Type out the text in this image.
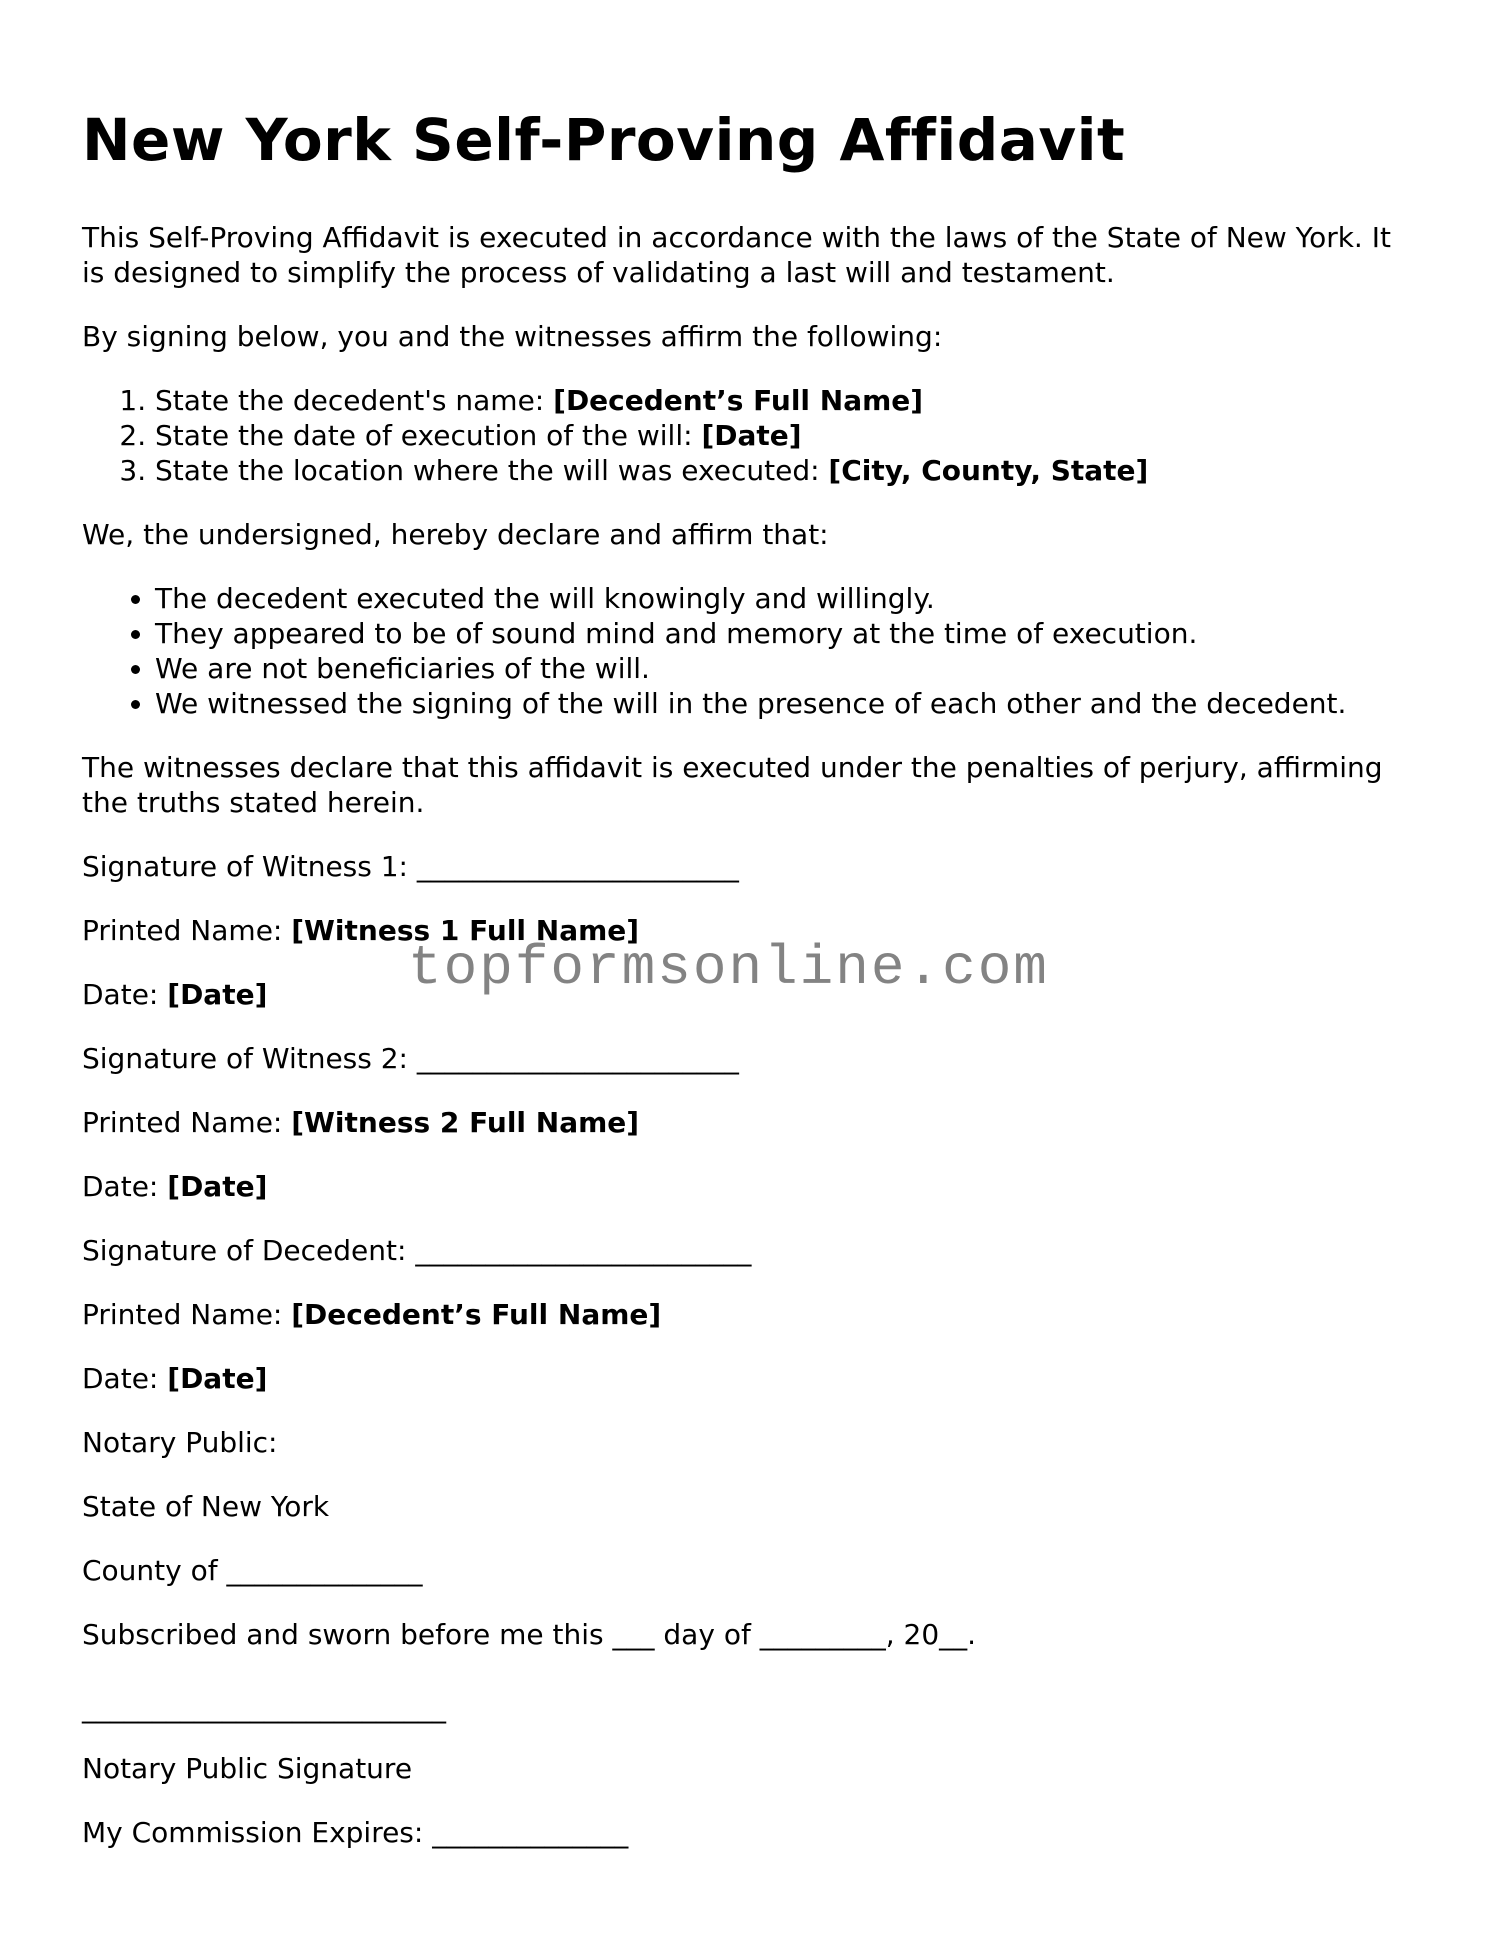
New York Self-Proving Affidavit

This Self-Proving Affidavit is executed in accordance with the laws of the State of New York. It is designed to simplify the process of validating a last will and testament.

By signing below, you and the witnesses affirm the following:

1. State the decedent's name: [Decedent’s Full Name]
2. State the date of execution of the will: [Date]
3. State the location where the will was executed: [City, County, State]

We, the undersigned, hereby declare and affirm that:

• The decedent executed the will knowingly and willingly.
• They appeared to be of sound mind and memory at the time of execution.
• We are not beneficiaries of the will.
• We witnessed the signing of the will in the presence of each other and the decedent.

The witnesses declare that this affidavit is executed under the penalties of perjury, affirming the truths stated herein.

Signature of Witness 1: _______________________

Printed Name: [Witness 1 Full Name]

Date: [Date]

Signature of Witness 2: _______________________

Printed Name: [Witness 2 Full Name]

Date: [Date]

Signature of Decedent: ________________________

Printed Name: [Decedent’s Full Name]

Date: [Date]

Notary Public:

State of New York

County of ______________

Subscribed and sworn before me this ___ day of _________, 20__.

__________________________

Notary Public Signature

My Commission Expires: ______________

topformsonline.com
